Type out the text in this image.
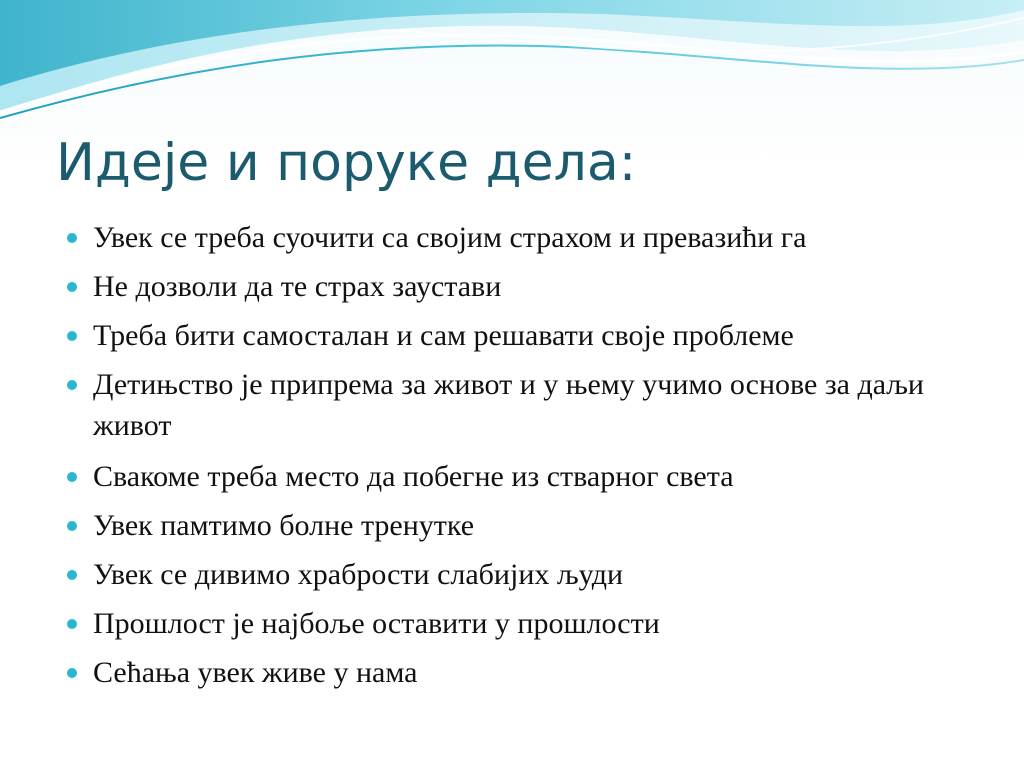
Идеје и поруке дела:
Увек се треба суочити са својим страхом и превазићи га
Не дозволи да те страх заустави
Треба бити самосталан и сам решавати своје проблеме
Детињство је припрема за живот и у њему учимо основе за даљи живот
Свакоме треба место да побегне из стварног света
Увек памтимо болне тренутке
Увек се дивимо храбрости слабијих људи
Прошлост је најбоље оставити у прошлости
Сећања увек живе у нама
